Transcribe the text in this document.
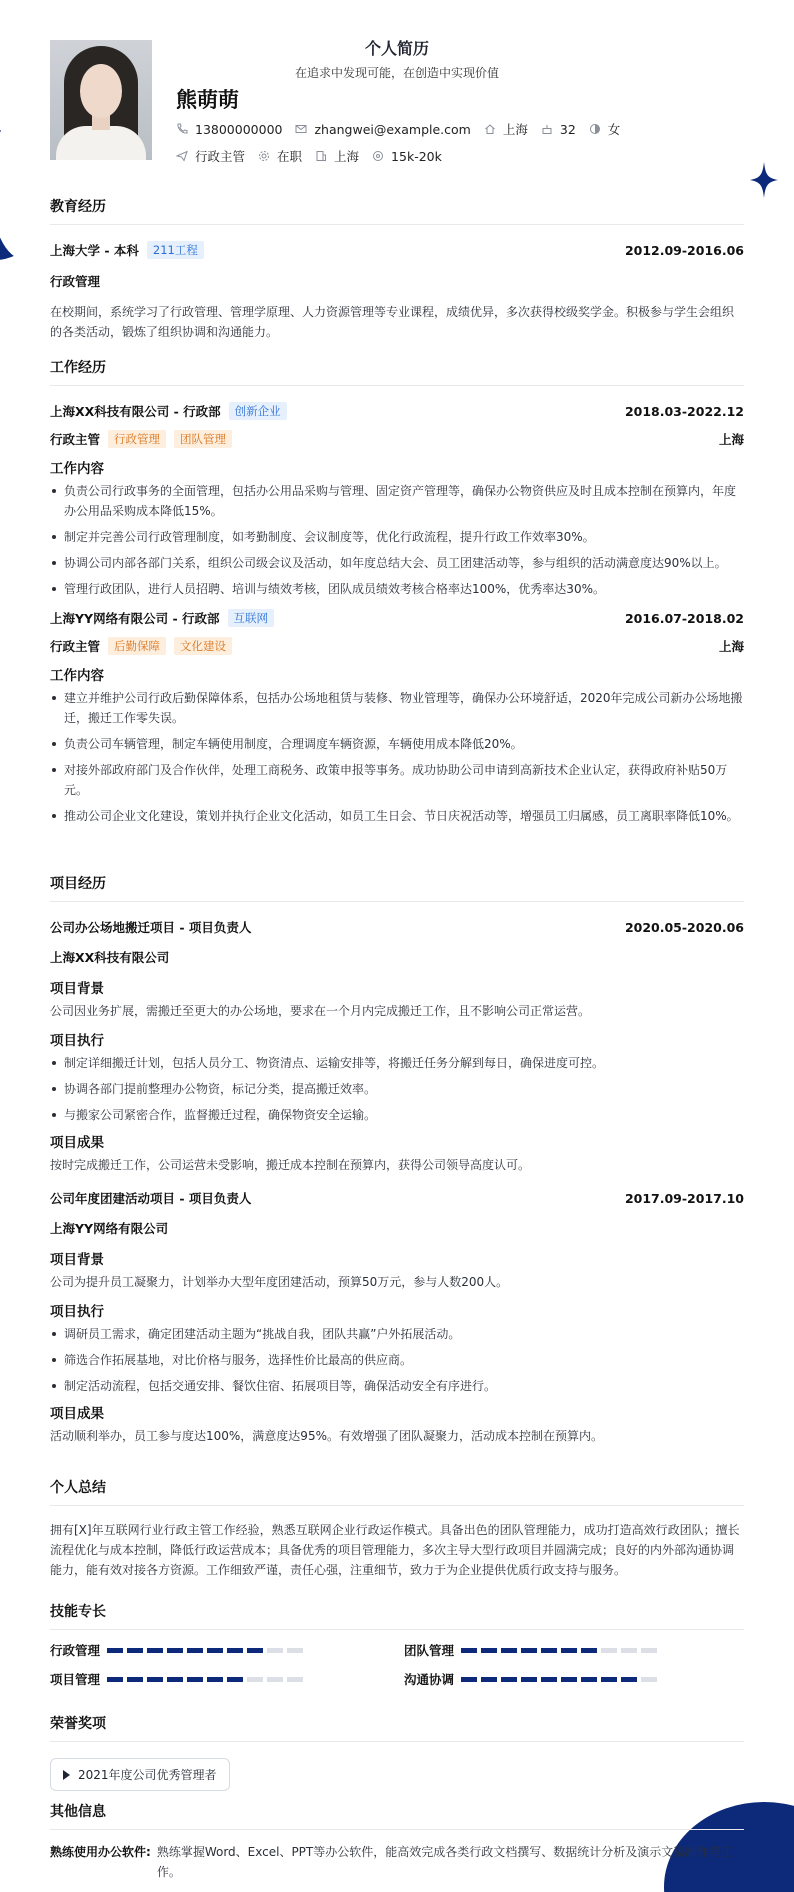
个人简历
在追求中发现可能，在创造中实现价值
熊萌萌
13800000000	zhangwei@example.com	上海	32	女
行政主管	在职	上海	15k-20k
教育经历
上海大学 - 本科	211工程	2012.09-2016.06
行政管理
在校期间，系统学习了行政管理、管理学原理、人力资源管理等专业课程，成绩优异，多次获得校级奖学金。积极参与学生会组织的各类活动，锻炼了组织协调和沟通能力。
工作经历
上海XX科技有限公司 - 行政部	创新企业	2018.03-2022.12
行政主管	行政管理	团队管理	上海
工作内容
负责公司行政事务的全面管理，包括办公用品采购与管理、固定资产管理等，确保办公物资供应及时且成本控制在预算内，年度办公用品采购成本降低15%。
制定并完善公司行政管理制度，如考勤制度、会议制度等，优化行政流程，提升行政工作效率30%。
协调公司内部各部门关系，组织公司级会议及活动，如年度总结大会、员工团建活动等，参与组织的活动满意度达90%以上。
管理行政团队，进行人员招聘、培训与绩效考核，团队成员绩效考核合格率达100%，优秀率达30%。
上海YY网络有限公司 - 行政部	互联网	2016.07-2018.02
行政主管	后勤保障	文化建设	上海
工作内容
建立并维护公司行政后勤保障体系，包括办公场地租赁与装修、物业管理等，确保办公环境舒适，2020年完成公司新办公场地搬迁，搬迁工作零失误。
负责公司车辆管理，制定车辆使用制度，合理调度车辆资源，车辆使用成本降低20%。
对接外部政府部门及合作伙伴，处理工商税务、政策申报等事务。成功协助公司申请到高新技术企业认定，获得政府补贴50万元。
推动公司企业文化建设，策划并执行企业文化活动，如员工生日会、节日庆祝活动等，增强员工归属感，员工离职率降低10%。
项目经历
公司办公场地搬迁项目 - 项目负责人	2020.05-2020.06
上海XX科技有限公司
项目背景
公司因业务扩展，需搬迁至更大的办公场地，要求在一个月内完成搬迁工作，且不影响公司正常运营。
项目执行
制定详细搬迁计划，包括人员分工、物资清点、运输安排等，将搬迁任务分解到每日，确保进度可控。
协调各部门提前整理办公物资，标记分类，提高搬迁效率。
与搬家公司紧密合作，监督搬迁过程，确保物资安全运输。
项目成果
按时完成搬迁工作，公司运营未受影响，搬迁成本控制在预算内，获得公司领导高度认可。
公司年度团建活动项目 - 项目负责人	2017.09-2017.10
上海YY网络有限公司
项目背景
公司为提升员工凝聚力，计划举办大型年度团建活动，预算50万元，参与人数200人。
项目执行
调研员工需求，确定团建活动主题为“挑战自我，团队共赢”户外拓展活动。
筛选合作拓展基地，对比价格与服务，选择性价比最高的供应商。
制定活动流程，包括交通安排、餐饮住宿、拓展项目等，确保活动安全有序进行。
项目成果
活动顺利举办，员工参与度达100%，满意度达95%。有效增强了团队凝聚力，活动成本控制在预算内。
个人总结
拥有[X]年互联网行业行政主管工作经验，熟悉互联网企业行政运作模式。具备出色的团队管理能力，成功打造高效行政团队；擅长流程优化与成本控制，降低行政运营成本；具备优秀的项目管理能力，多次主导大型行政项目并圆满完成；良好的内外部沟通协调能力，能有效对接各方资源。工作细致严谨，责任心强，注重细节，致力于为企业提供优质行政支持与服务。
技能专长
行政管理	团队管理
项目管理	沟通协调
荣誉奖项
2021年度公司优秀管理者
其他信息
熟练使用办公软件: 熟练掌握Word、Excel、PPT等办公软件，能高效完成各类行政文档撰写、数据统计分析及演示文稿制作等工作。
